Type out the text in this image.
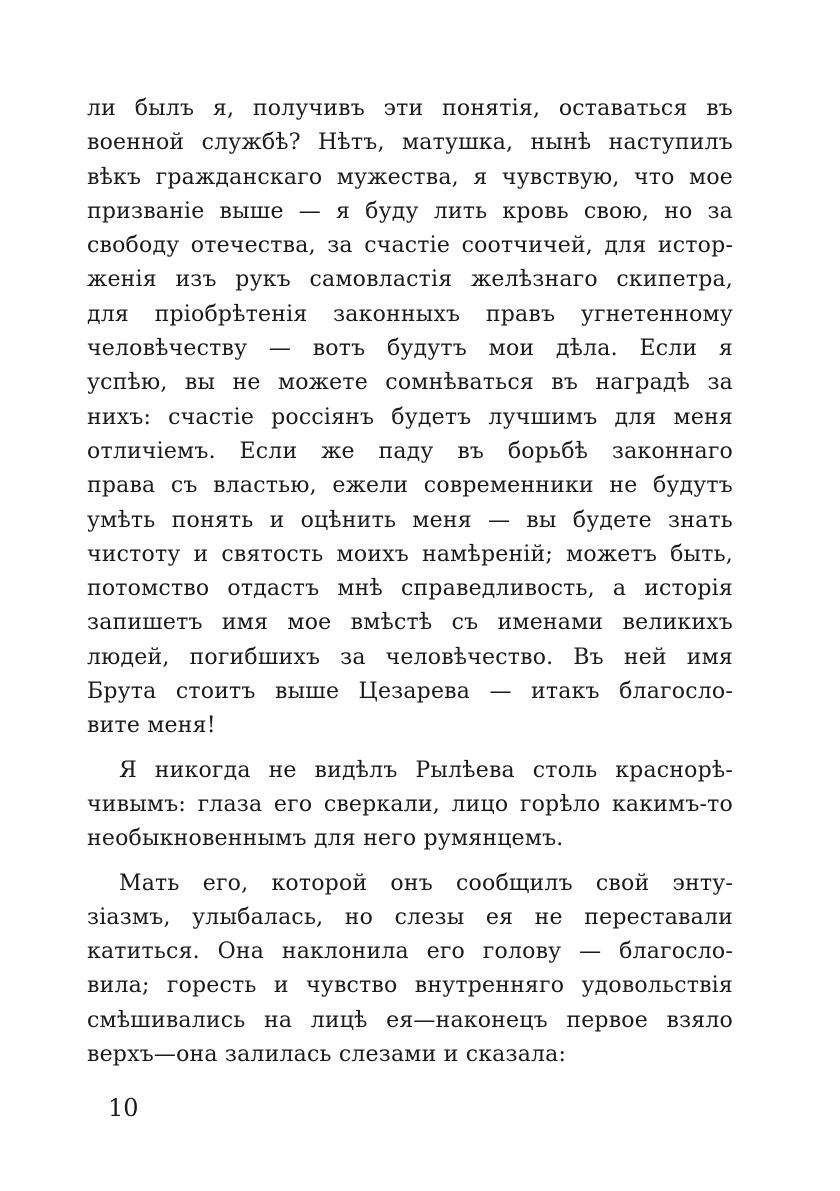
ли былъ я, получивъ эти понятія, оставаться въ
военной службѣ? Нѣтъ, матушка, нынѣ наступилъ
вѣкъ гражданскаго мужества, я чувствую, что мое
призваніе выше — я буду лить кровь свою, но за
свободу отечества, за счастіе соотчичей, для истор-
женія изъ рукъ самовластія желѣзнаго скипетра,
для пріобрѣтенія законныхъ правъ угнетенному
человѣчеству — вотъ будутъ мои дѣла. Если я
успѣю, вы не можете сомнѣваться въ наградѣ за
нихъ: счастіе россіянъ будетъ лучшимъ для меня
отличіемъ. Если же паду въ борьбѣ законнаго
права съ властью, ежели современники не будутъ
умѣть понять и оцѣнить меня — вы будете знать
чистоту и святость моихъ намѣреній; можетъ быть,
потомство отдастъ мнѣ справедливость, а исторія
запишетъ имя мое вмѣстѣ съ именами великихъ
людей, погибшихъ за человѣчество. Въ ней имя
Брута стоитъ выше Цезарева — итакъ благосло-
вите меня!
Я никогда не видѣлъ Рылѣева столь красноpѣ-
чивымъ: глаза его сверкали, лицо горѣло какимъ-то
необыкновеннымъ для него румянцемъ.
Мать его, которой онъ сообщилъ свой энту-
зіазмъ, улыбалась, но слезы ея не переставали
катиться. Она наклонила его голову — благосло-
вила; горесть и чувство внутренняго удовольствія
смѣшивались на лицѣ ея—наконецъ первое взяло
верхъ—она залилась слезами и сказала:
10
